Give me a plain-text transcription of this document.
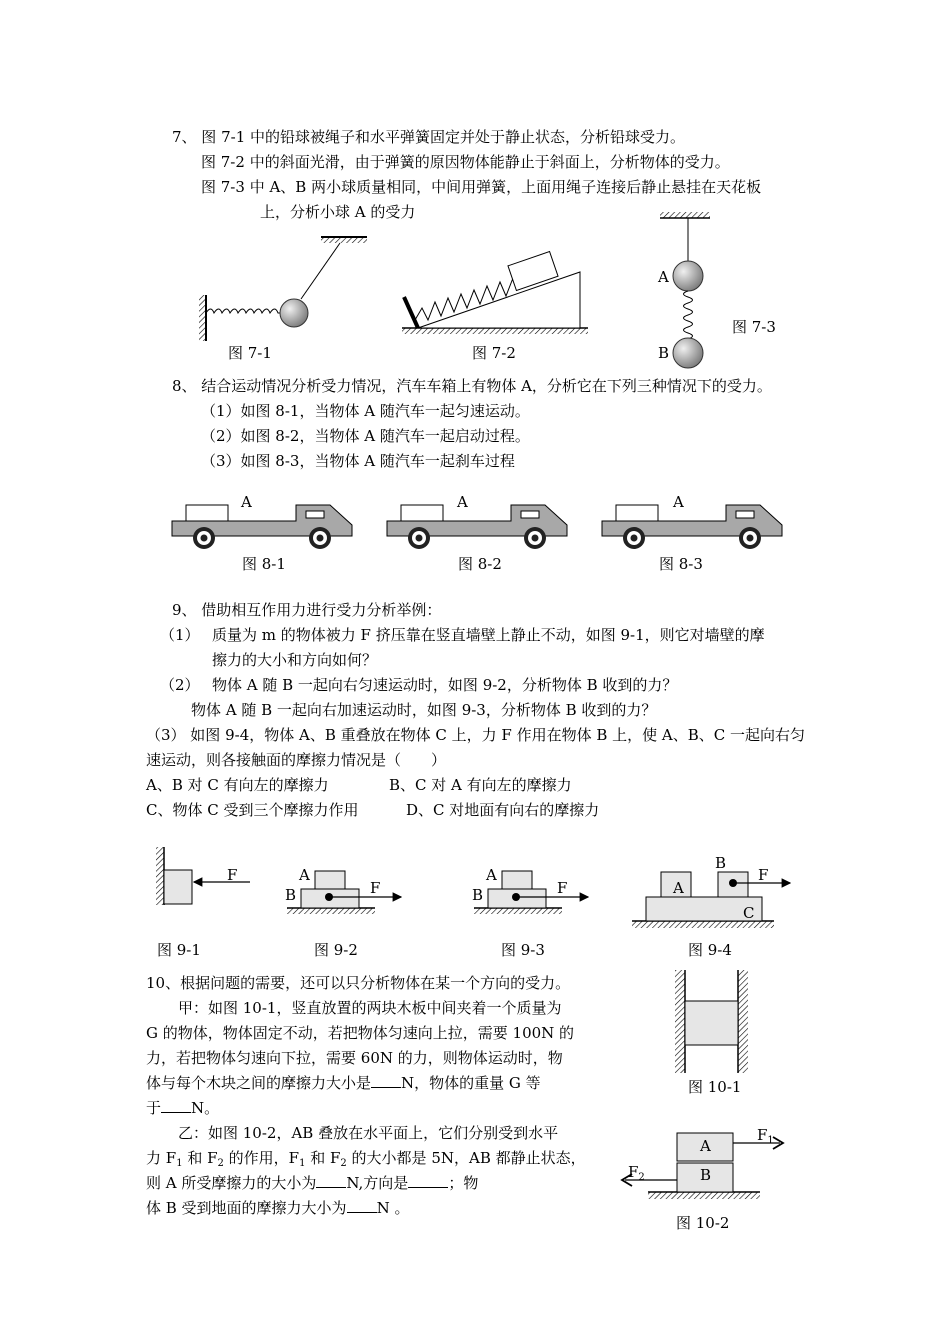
7、 图 7-1 中的铅球被绳子和水平弹簧固定并处于静止状态，分析铅球受力。
图 7-2 中的斜面光滑，由于弹簧的原因物体能静止于斜面上，分析物体的受力。
图 7-3 中 A、B 两小球质量相同，中间用弹簧，上面用绳子连接后静止悬挂在天花板
上，分析小球 A 的受力
图 7-1	图 7-2
A
B
图 7-3
8、 结合运动情况分析受力情况，汽车车箱上有物体 A，分析它在下列三种情况下的受力。
（1）如图 8-1，当物体 A 随汽车一起匀速运动。
（2）如图 8-2，当物体 A 随汽车一起启动过程。
（3）如图 8-3，当物体 A 随汽车一起刹车过程
A
图 8-1
A
图 8-2
A
图 8-3
9、 借助相互作用力进行受力分析举例：
（1） 质量为 m 的物体被力 F 挤压靠在竖直墙壁上静止不动，如图 9-1，则它对墙壁的摩
擦力的大小和方向如何？
（2） 物体 A 随 B 一起向右匀速运动时，如图 9-2，分析物体 B 收到的力？
物体 A 随 B 一起向右加速运动时，如图 9-3，分析物体 B 收到的力？
（3） 如图 9-4，物体 A、B 重叠放在物体 C 上，力 F 作用在物体 B 上，使 A、B、C 一起向右匀
速运动，则各接触面的摩擦力情况是（　　）
A、B 对 C 有向左的摩擦力	B、C 对 A 有向左的摩擦力
C、物体 C 受到三个摩擦力作用	D、C 对地面有向右的摩擦力
F
图 9-1
A
B	F
图 9-2
A
B	F
图 9-3
A
B
F
C
图 9-4
10、根据问题的需要，还可以只分析物体在某一个方向的受力。
甲：如图 10-1，竖直放置的两块木板中间夹着一个质量为
G 的物体，物体固定不动，若把物体匀速向上拉，需要 100N 的
力，若把物体匀速向下拉，需要 60N 的力，则物体运动时，物
体与每个木块之间的摩擦力大小是 N，物体的重量 G 等
于 N。
乙：如图 10-2，AB 叠放在水平面上，它们分别受到水平
力 $F_1$ 和 $F_2$ 的作用，$F_1$ 和 $F_2$ 的大小都是 5N，AB 都静止状态，
则 A 所受摩擦力的大小为 N,方向是	；物
体 B 受到地面的摩擦力大小为 N 。
图 10-1
A
B
$F_1$
$F_2$
图 10-2
